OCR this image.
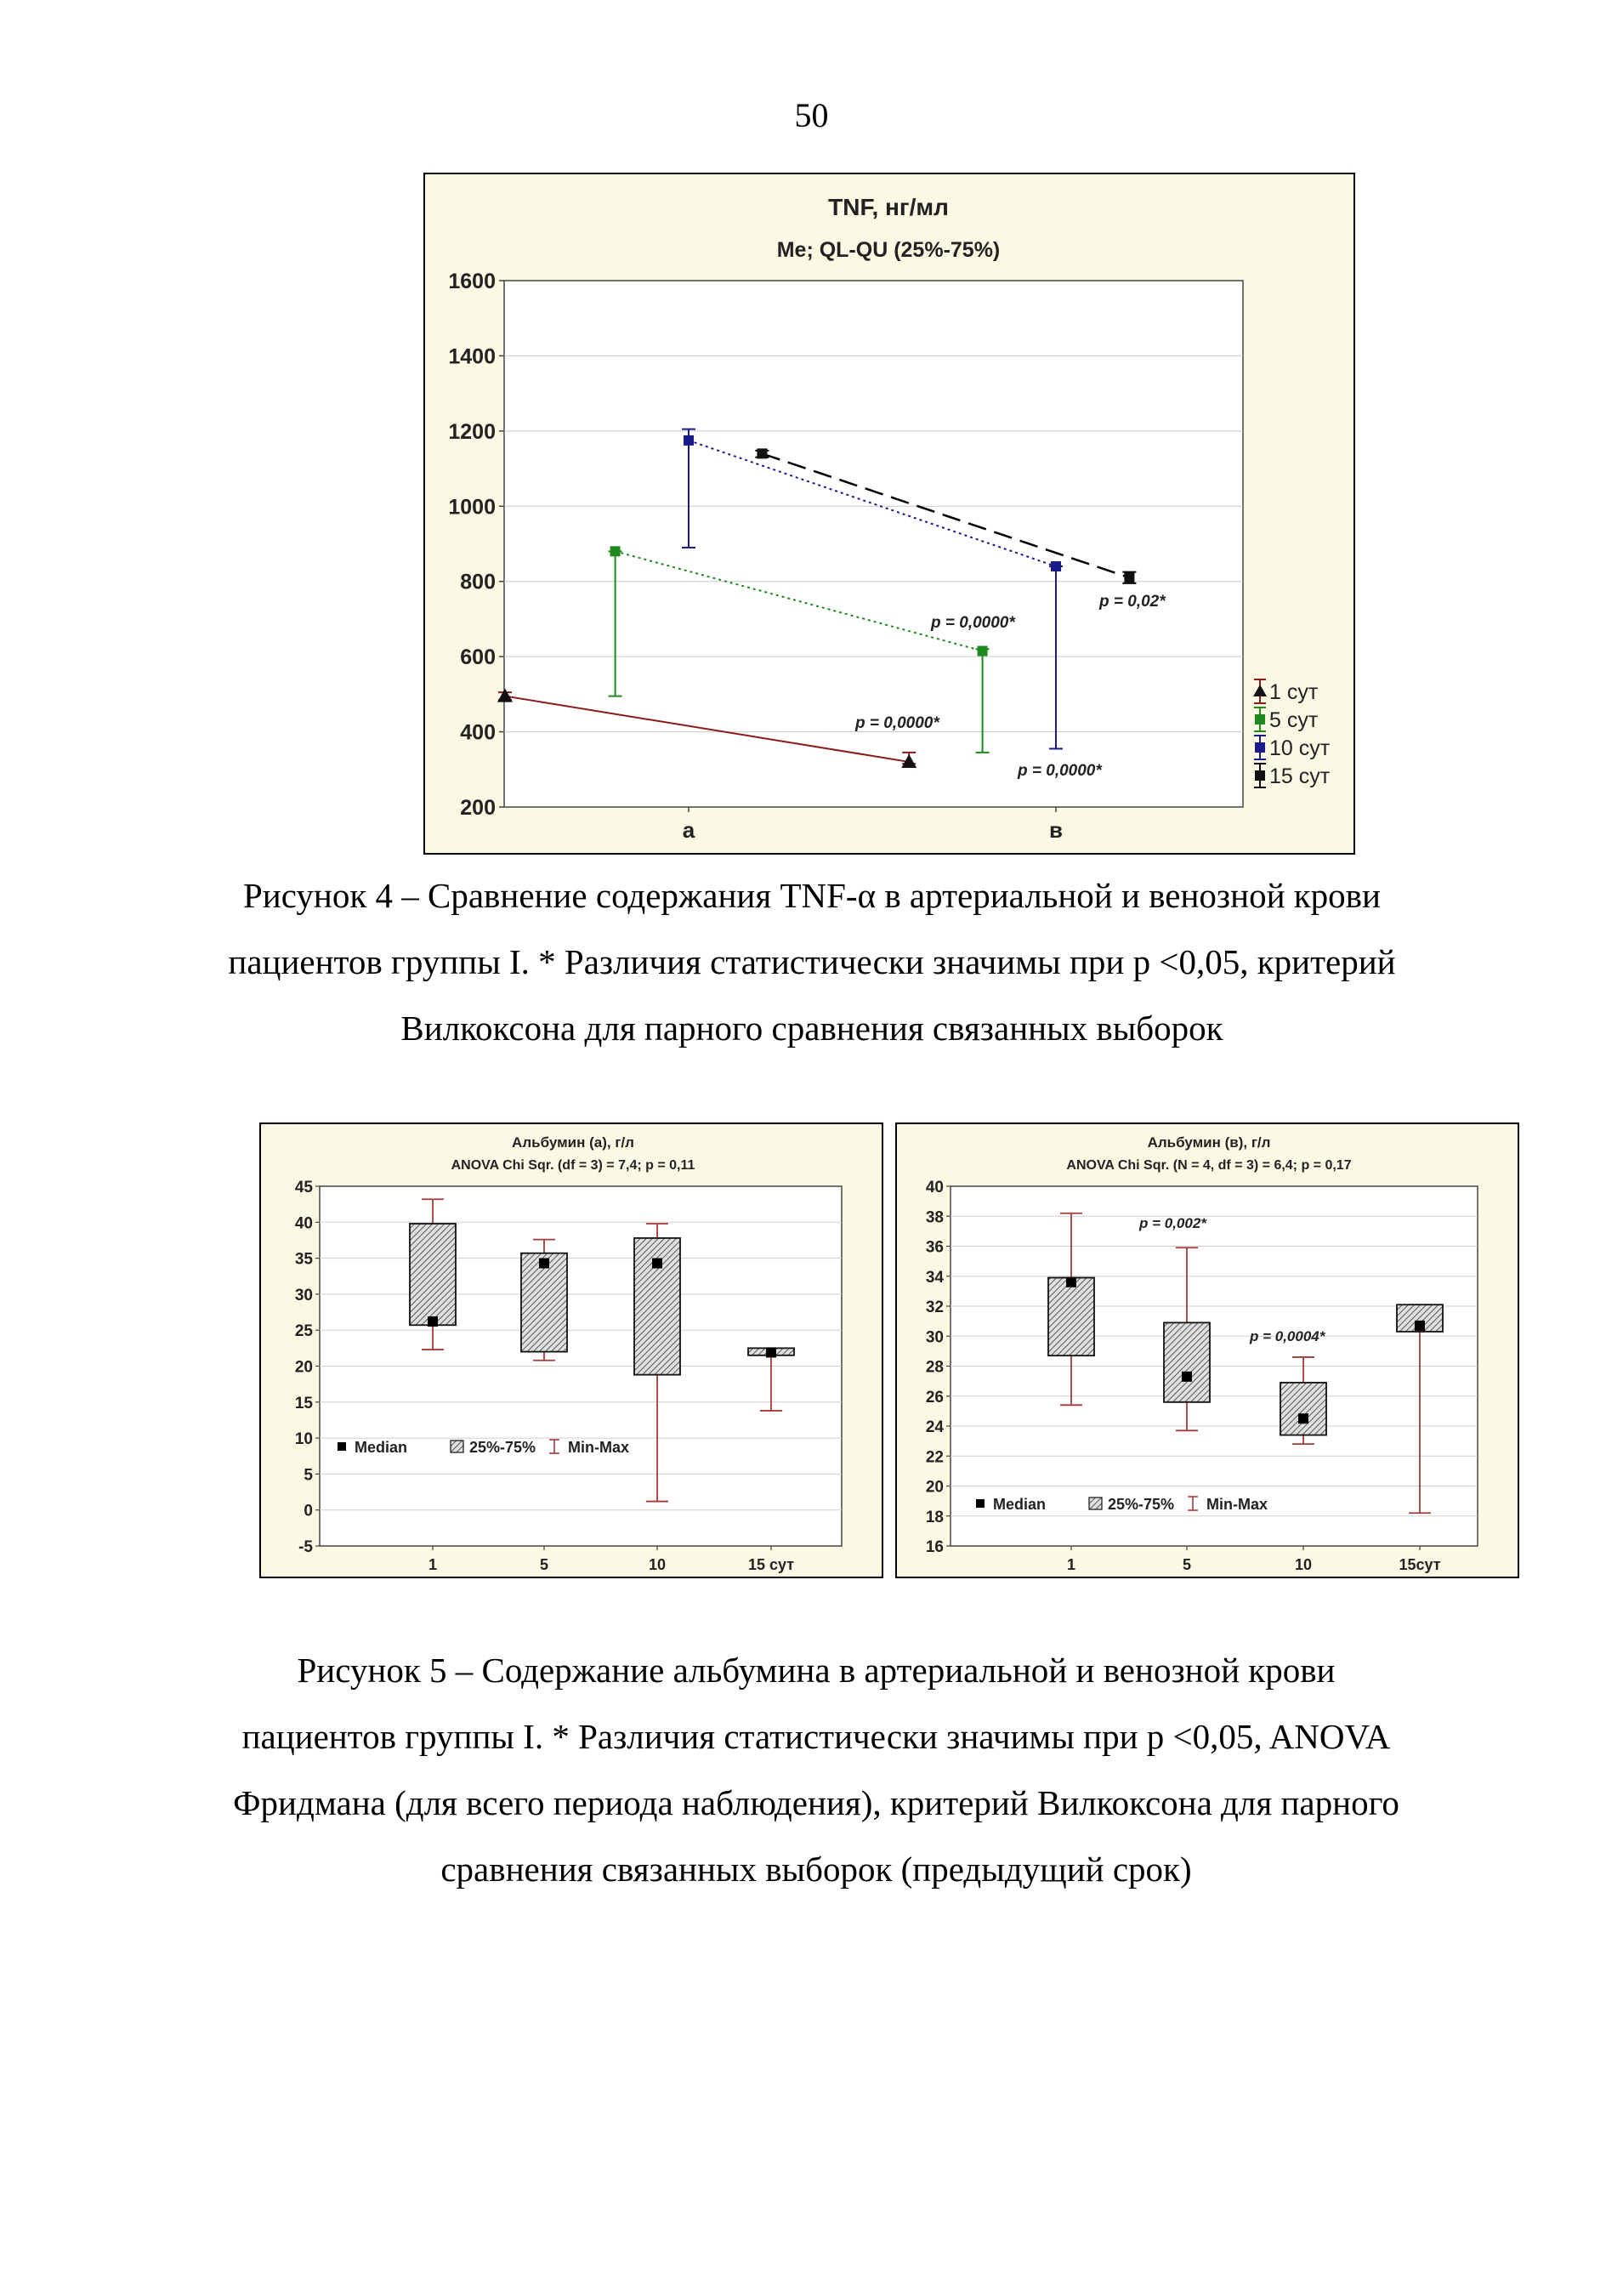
50
TNF, нг/мл
Me; QL-QU (25%-75%)
200
400
600
800
1000
1200
1400
1600
а	в
p = 0,0000*
p = 0,0000*
p = 0,0000*
p = 0,02*
1 сут
5 сут
10 сут
15 сут

Рисунок 4 – Сравнение содержания TNF-α в артериальной и венозной крови

пациентов группы I. * Различия статистически значимы при p <0,05, критерий

Вилкоксона для парного сравнения связанных выборок

Альбумин (а), г/л
ANOVA Chi Sqr. (df = 3) = 7,4; p = 0,11
-5
0
5
10
15
20
25
30
35
40
45
1	5	10	15 сут
Median	25%-75% Min-Max
Альбумин (в), г/л
ANOVA Chi Sqr. (N = 4, df = 3) = 6,4; p = 0,17
16
18
20
22
24
26
28
30
32
34
36
38
40
1	5	10	15сут
p = 0,002*
p = 0,0004*
Median	25%-75% Min-Max

Рисунок 5 – Содержание альбумина в артериальной и венозной крови

пациентов группы I. * Различия статистически значимы при p <0,05, ANOVA

Фридмана (для всего периода наблюдения), критерий Вилкоксона для парного

сравнения связанных выборок (предыдущий срок)
